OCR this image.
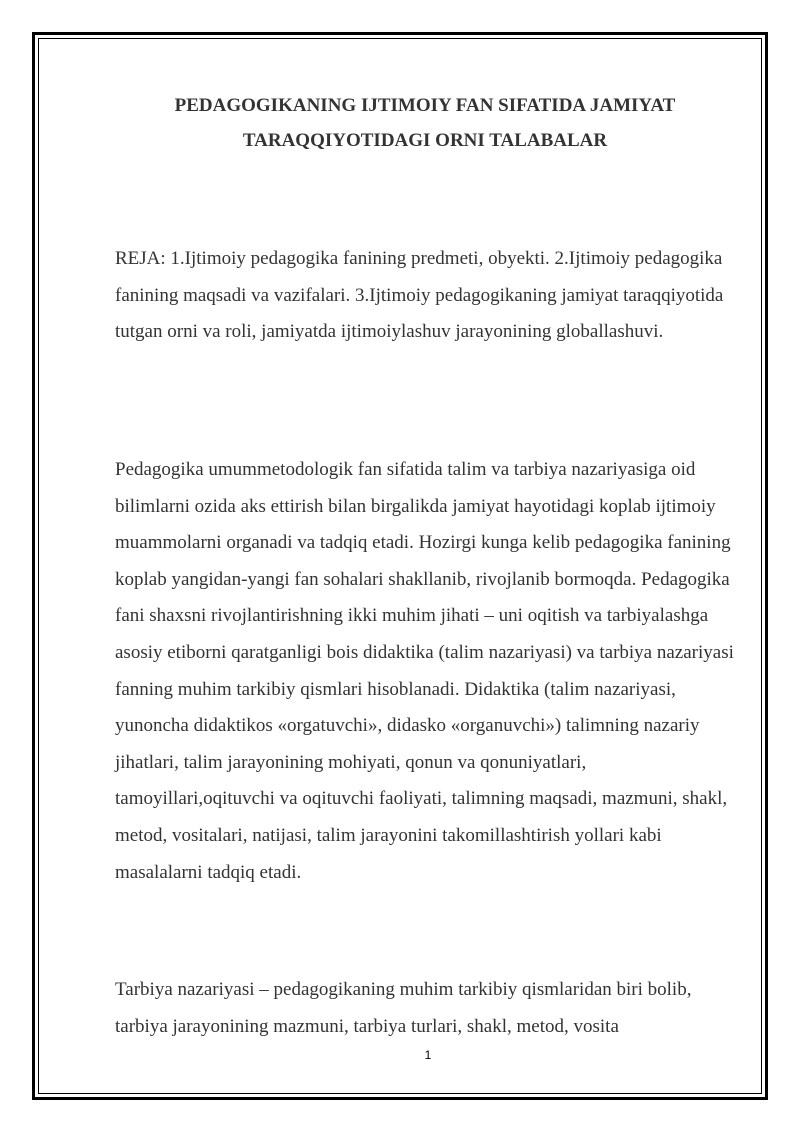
PEDAGOGIKANING IJTIMOIY FAN SIFATIDA JAMIYAT TARAQQIYOTIDAGI ORNI TALABALAR
REJA: 1.Ijtimoiy pedagogika fanining predmeti, obyekti. 2.Ijtimoiy pedagogika fanining maqsadi va vazifalari. 3.Ijtimoiy pedagogikaning jamiyat taraqqiyotida tutgan orni va roli, jamiyatda ijtimoiylashuv jarayonining globallashuvi.
Pedagogika umummetodologik fan sifatida talim va tarbiya nazariyasiga oid bilimlarni ozida aks ettirish bilan birgalikda jamiyat hayotidagi koplab ijtimoiy muammolarni organadi va tadqiq etadi. Hozirgi kunga kelib pedagogika fanining koplab yangidan-yangi fan sohalari shakllanib, rivojlanib bormoqda. Pedagogika fani shaxsni rivojlantirishning ikki muhim jihati – uni oqitish va tarbiyalashga asosiy etiborni qaratganligi bois didaktika (talim nazariyasi) va tarbiya nazariyasi fanning muhim tarkibiy qismlari hisoblanadi. Didaktika (talim nazariyasi, yunoncha didaktikos «orgatuvchi», didasko «organuvchi») talimning nazariy jihatlari, talim jarayonining mohiyati, qonun va qonuniyatlari, tamoyillari,oqituvchi va oqituvchi faoliyati, talimning maqsadi, mazmuni, shakl, metod, vositalari, natijasi, talim jarayonini takomillashtirish yollari kabi masalalarni tadqiq etadi.
Tarbiya nazariyasi – pedagogikaning muhim tarkibiy qismlaridan biri bolib, tarbiya jarayonining mazmuni, tarbiya turlari, shakl, metod, vosita
1
